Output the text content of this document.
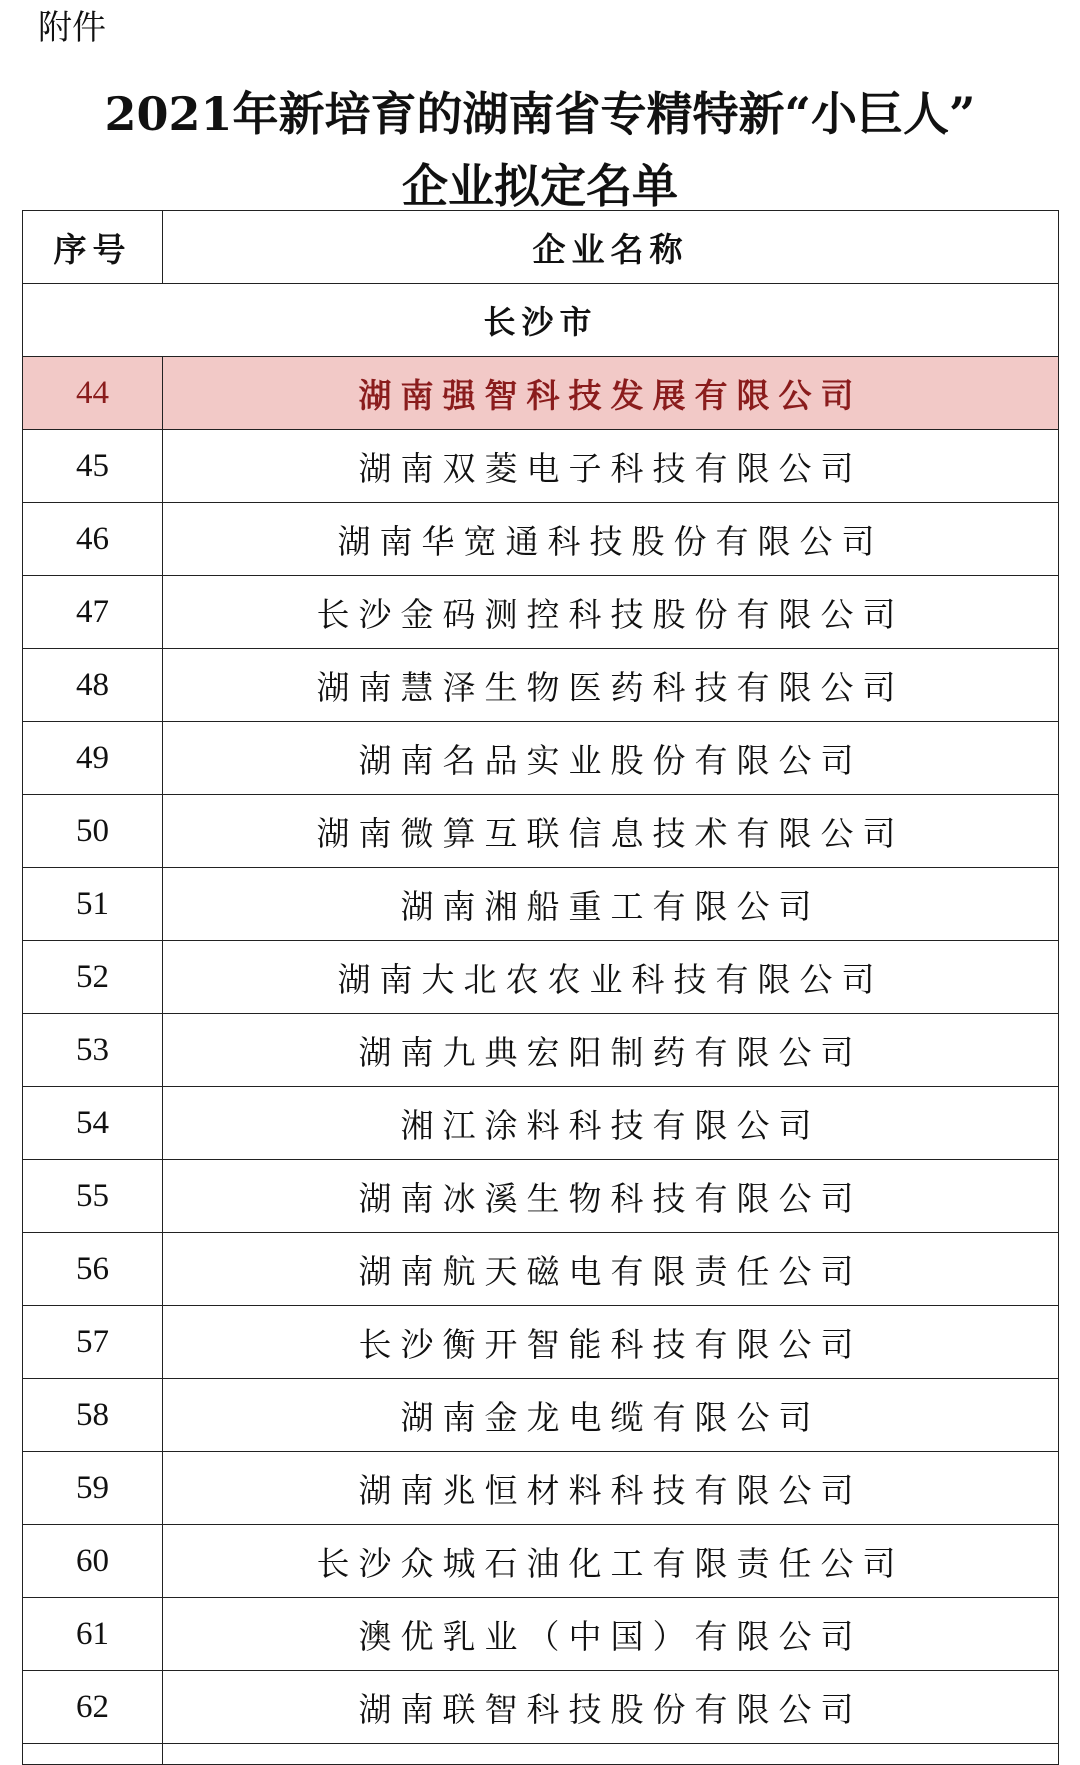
附件
2021年新培育的湖南省专精特新“小巨人”
企业拟定名单
序号	企业名称
长沙市	
44	湖南强智科技发展有限公司
45	湖南双菱电子科技有限公司
46	湖南华宽通科技股份有限公司
47	长沙金码测控科技股份有限公司
48	湖南慧泽生物医药科技有限公司
49	湖南名品实业股份有限公司
50	湖南微算互联信息技术有限公司
51	湖南湘船重工有限公司
52	湖南大北农农业科技有限公司
53	湖南九典宏阳制药有限公司
54	湘江涂料科技有限公司
55	湖南冰溪生物科技有限公司
56	湖南航天磁电有限责任公司
57	长沙衡开智能科技有限公司
58	湖南金龙电缆有限公司
59	湖南兆恒材料科技有限公司
60	长沙众城石油化工有限责任公司
61	澳优乳业（中国）有限公司
62	湖南联智科技股份有限公司
